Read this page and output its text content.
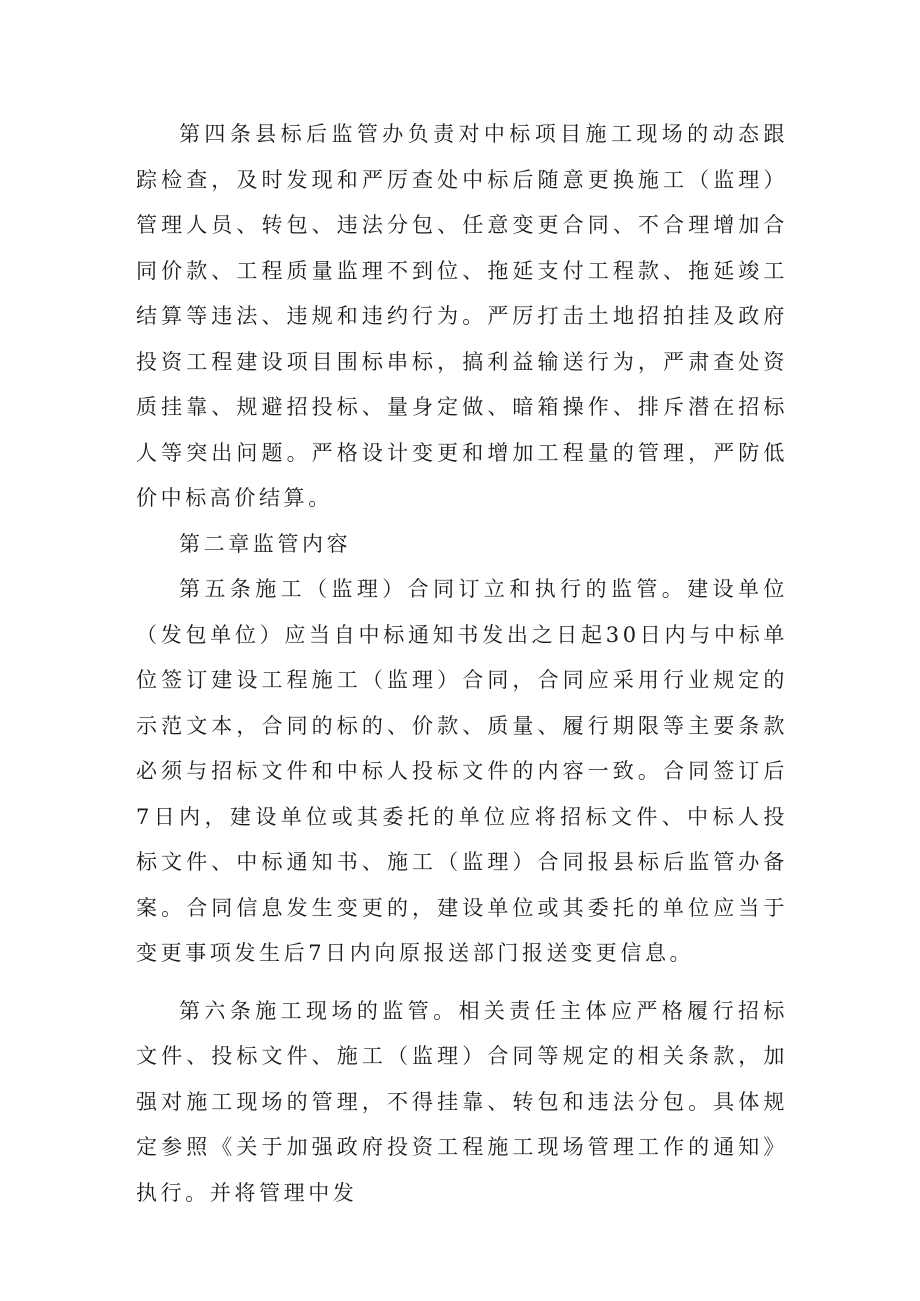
第四条县标后监管办负责对中标项目施工现场的动态跟踪检查，及时发现和严厉查处中标后随意更换施工（监理）管理人员、转包、违法分包、任意变更合同、不合理增加合同价款、工程质量监理不到位、拖延支付工程款、拖延竣工结算等违法、违规和违约行为。严厉打击土地招拍挂及政府投资工程建设项目围标串标，搞利益输送行为，严肃查处资质挂靠、规避招投标、量身定做、暗箱操作、排斥潜在招标人等突出问题。严格设计变更和增加工程量的管理，严防低价中标高价结算。

第二章监管内容

第五条施工（监理）合同订立和执行的监管。建设单位（发包单位）应当自中标通知书发出之日起30日内与中标单位签订建设工程施工（监理）合同，合同应采用行业规定的示范文本，合同的标的、价款、质量、履行期限等主要条款必须与招标文件和中标人投标文件的内容一致。合同签订后7日内，建设单位或其委托的单位应将招标文件、中标人投标文件、中标通知书、施工（监理）合同报县标后监管办备案。合同信息发生变更的，建设单位或其委托的单位应当于变更事项发生后7日内向原报送部门报送变更信息。

第六条施工现场的监管。相关责任主体应严格履行招标文件、投标文件、施工（监理）合同等规定的相关条款，加强对施工现场的管理，不得挂靠、转包和违法分包。具体规定参照《关于加强政府投资工程施工现场管理工作的通知》执行。并将管理中发
